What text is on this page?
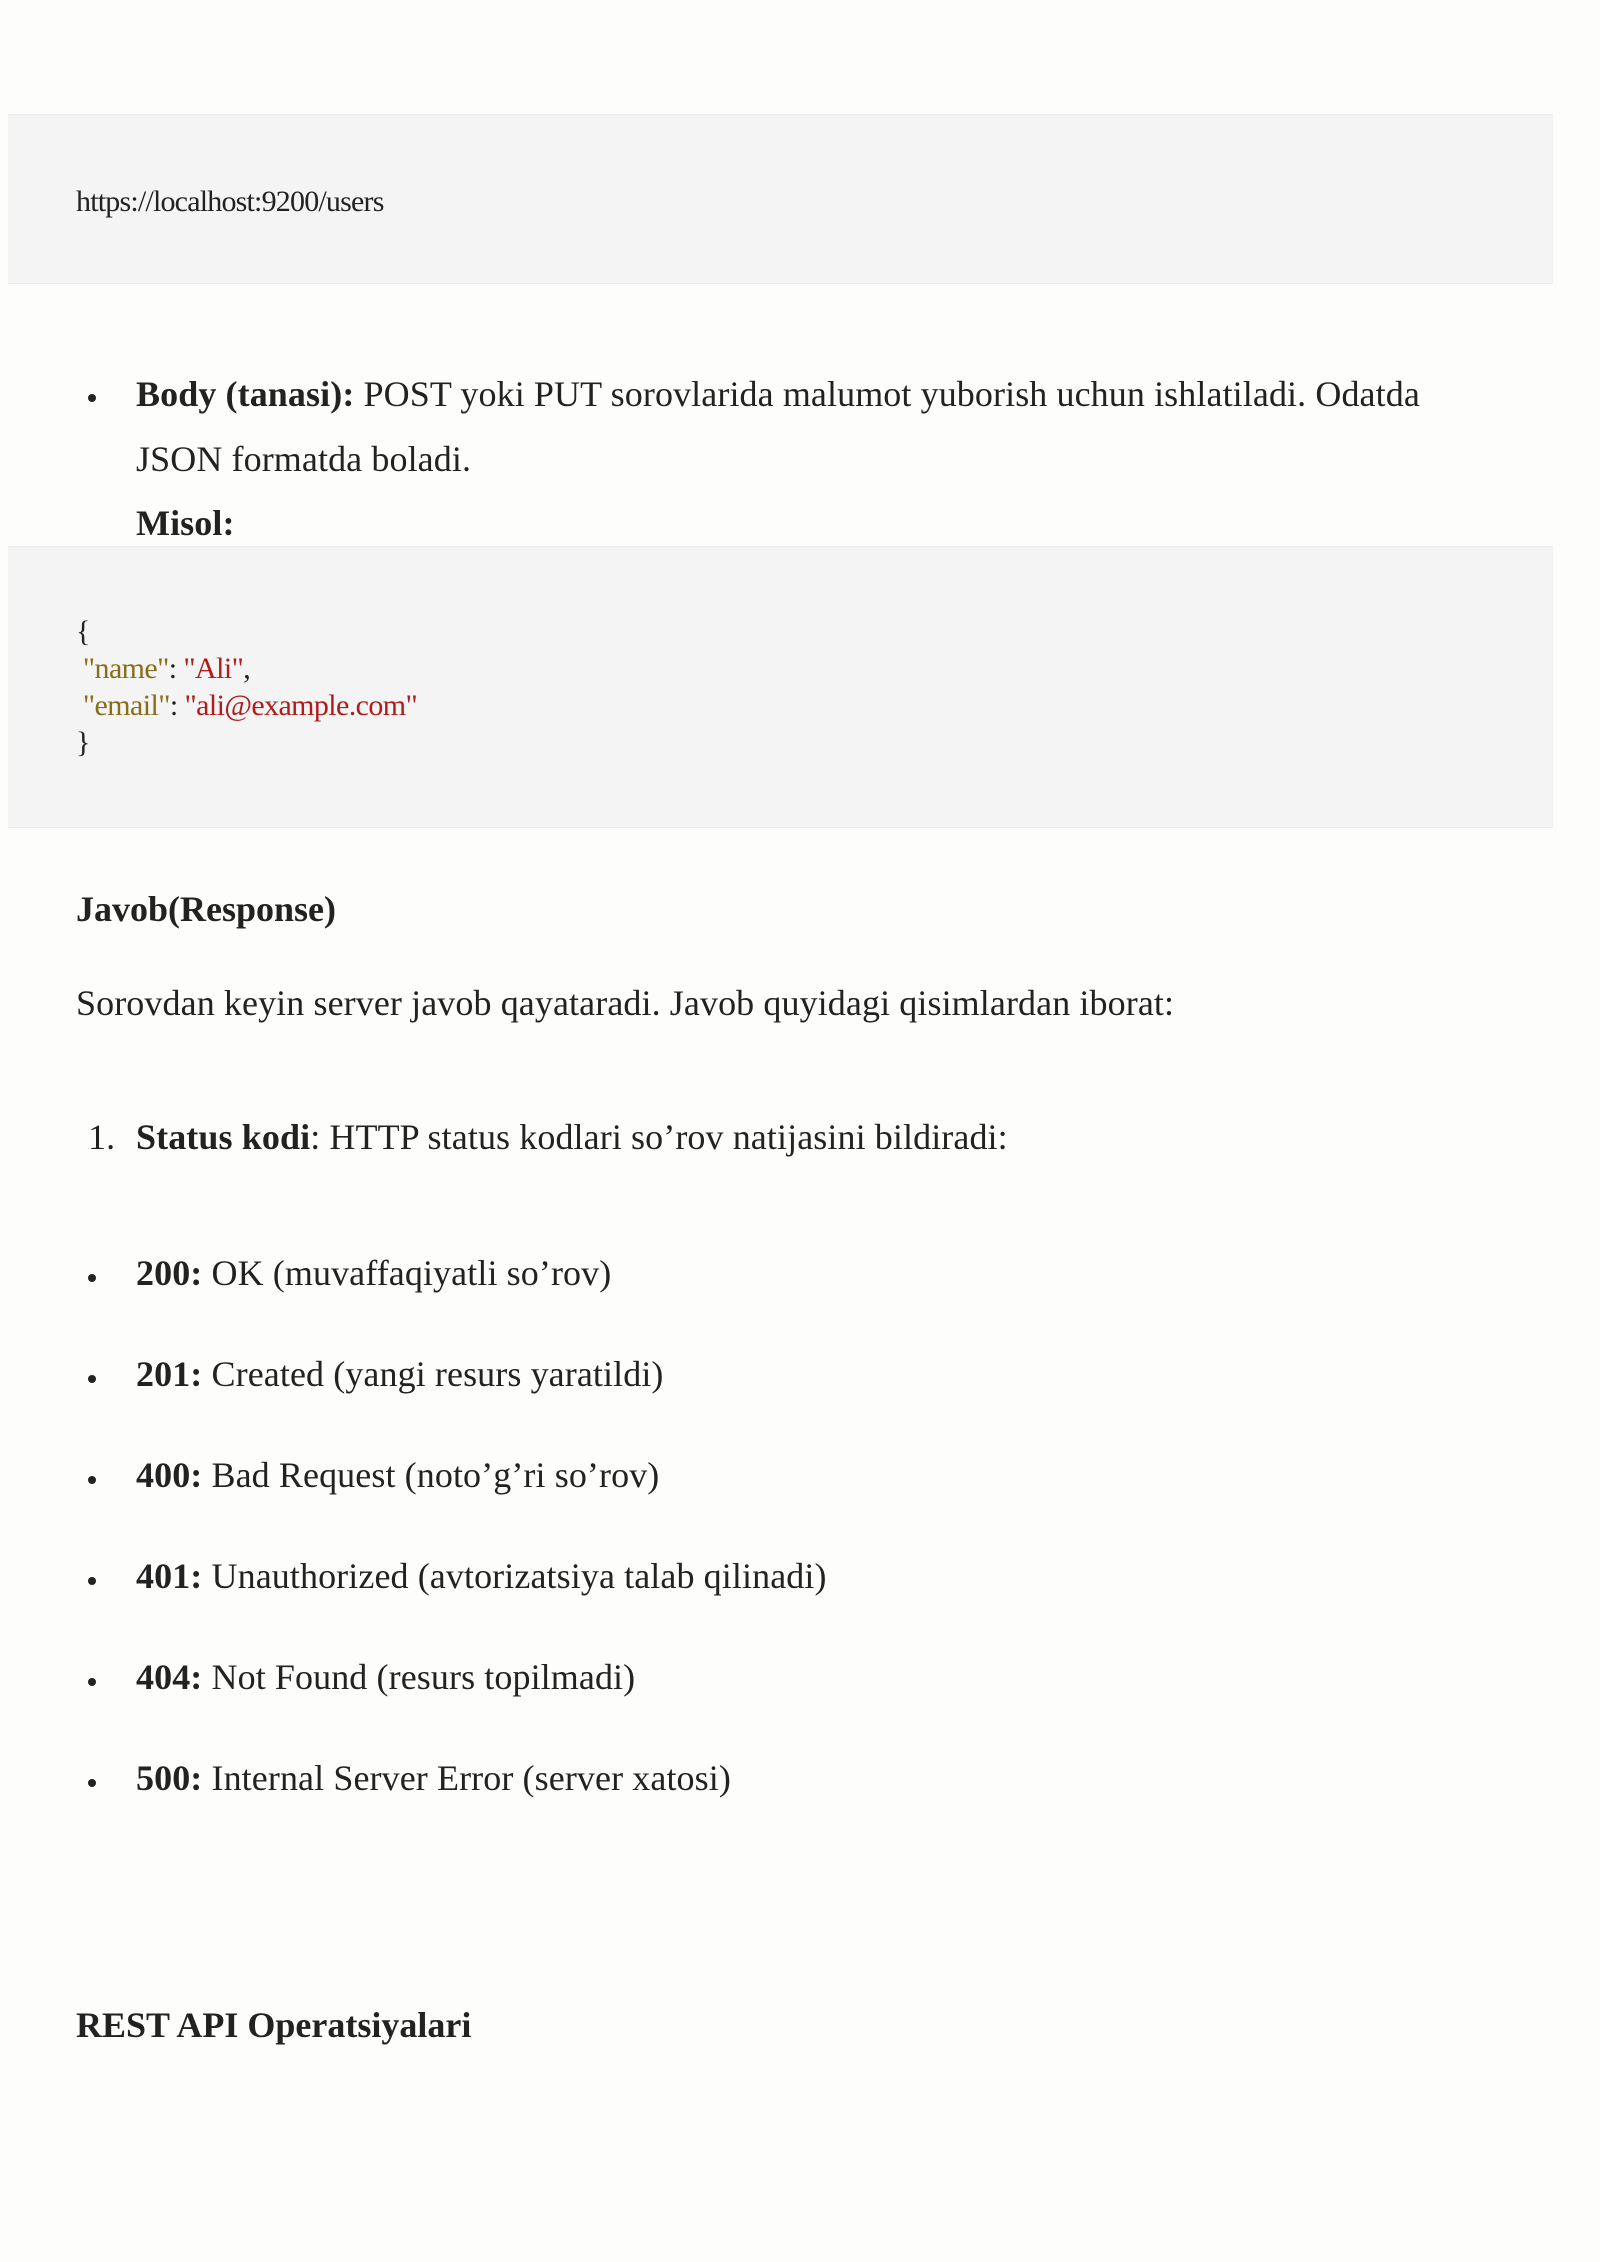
https://localhost:9200/users
Body (tanasi): POST yoki PUT sorovlarida malumot yuborish uchun ishlatiladi. Odatda
JSON formatda boladi.
Misol:
{
"name": "Ali",
"email": "ali@example.com"
}
Javob(Response)
Sorovdan keyin server javob qayataradi. Javob quyidagi qisimlardan iborat:
1. Status kodi: HTTP status kodlari so’rov natijasini bildiradi:
200: OK (muvaffaqiyatli so’rov)
201: Created (yangi resurs yaratildi)
400: Bad Request (noto’g’ri so’rov)
401: Unauthorized (avtorizatsiya talab qilinadi)
404: Not Found (resurs topilmadi)
500: Internal Server Error (server xatosi)
REST API Operatsiyalari
